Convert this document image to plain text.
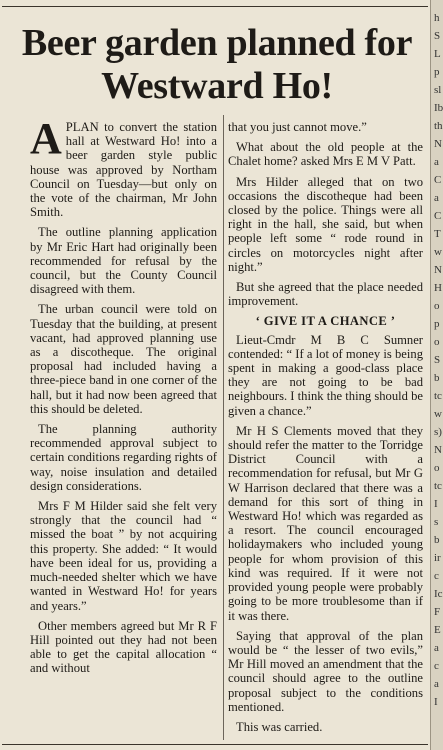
Beer garden planned for Westward Ho!

APLAN to convert the station hall at Westward Ho! into a beer garden style public house was approved by Northam Council on Tuesday—but only on the vote of the chairman, Mr John Smith.

The outline planning application by Mr Eric Hart had originally been recommended for refusal by the council, but the County Council disagreed with them.

The urban council were told on Tuesday that the building, at present vacant, had approved planning use as a discotheque. The original proposal had included having a three-piece band in one corner of the hall, but it had now been agreed that this should be deleted.

The planning authority recommended approval subject to certain conditions regarding rights of way, noise insulation and detailed design considerations.

Mrs F M Hilder said she felt very strongly that the council had “ missed the boat ” by not acquiring this property. She added: “ It would have been ideal for us, providing a much-needed shelter which we have wanted in Westward Ho! for years and years.”

Other members agreed but Mr R F Hill pointed out they had not been able to get the capital allocation “ and without

that you just cannot move.”

What about the old people at the Chalet home? asked Mrs E M V Patt.

Mrs Hilder alleged that on two occasions the discotheque had been closed by the police. Things were all right in the hall, she said, but when people left some “ rode round in circles on motorcycles night after night.”

But she agreed that the place needed improvement.

‘ GIVE IT A CHANCE ’

Lieut-Cmdr M B C Sumner contended: “ If a lot of money is being spent in making a good-class place they are not going to be bad neighbours. I think the thing should be given a chance.”

Mr H S Clements moved that they should refer the matter to the Torridge District Council with a recommendation for refusal, but Mr G W Harrison declared that there was a demand for this sort of thing in Westward Ho! which was regarded as a resort. The council encouraged holidaymakers who included young people for whom provision of this kind was required. If it were not provided young people were probably going to be more troublesome than if it was there.

Saying that approval of the plan would be “ the lesser of two evils,” Mr Hill moved an amendment that the council should agree to the outline proposal subject to the conditions mentioned.

This was carried.

h
S
L
p
sl
Ib
th
N
a
C
a
C
T
w
N
H
o
p
o
S
b
tc
w
s)
N
o
tc
I
s
b
ir
c
Ic
F
E
a
c
a
I
